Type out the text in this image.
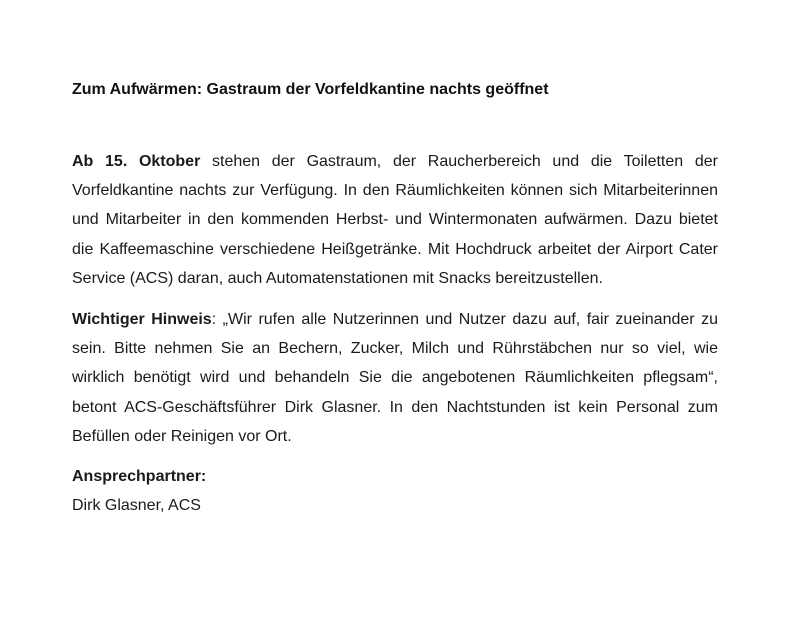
Zum Aufwärmen: Gastraum der Vorfeldkantine nachts geöffnet

Ab 15. Oktober stehen der Gastraum, der Raucherbereich und die Toiletten der Vorfeldkantine nachts zur Verfügung. In den Räumlichkeiten können sich Mitarbeiterinnen und Mitarbeiter in den kommenden Herbst- und Wintermonaten aufwärmen. Dazu bietet die Kaffeemaschine verschiedene Heißgetränke. Mit Hochdruck arbeitet der Airport Cater Service (ACS) daran, auch Automatenstationen mit Snacks bereitzustellen.

Wichtiger Hinweis: „Wir rufen alle Nutzerinnen und Nutzer dazu auf, fair zueinander zu sein. Bitte nehmen Sie an Bechern, Zucker, Milch und Rührstäbchen nur so viel, wie wirklich benötigt wird und behandeln Sie die angebotenen Räumlichkeiten pflegsam“, betont ACS-Geschäftsführer Dirk Glasner. In den Nachtstunden ist kein Personal zum Befüllen oder Reinigen vor Ort.

Ansprechpartner:
Dirk Glasner, ACS
